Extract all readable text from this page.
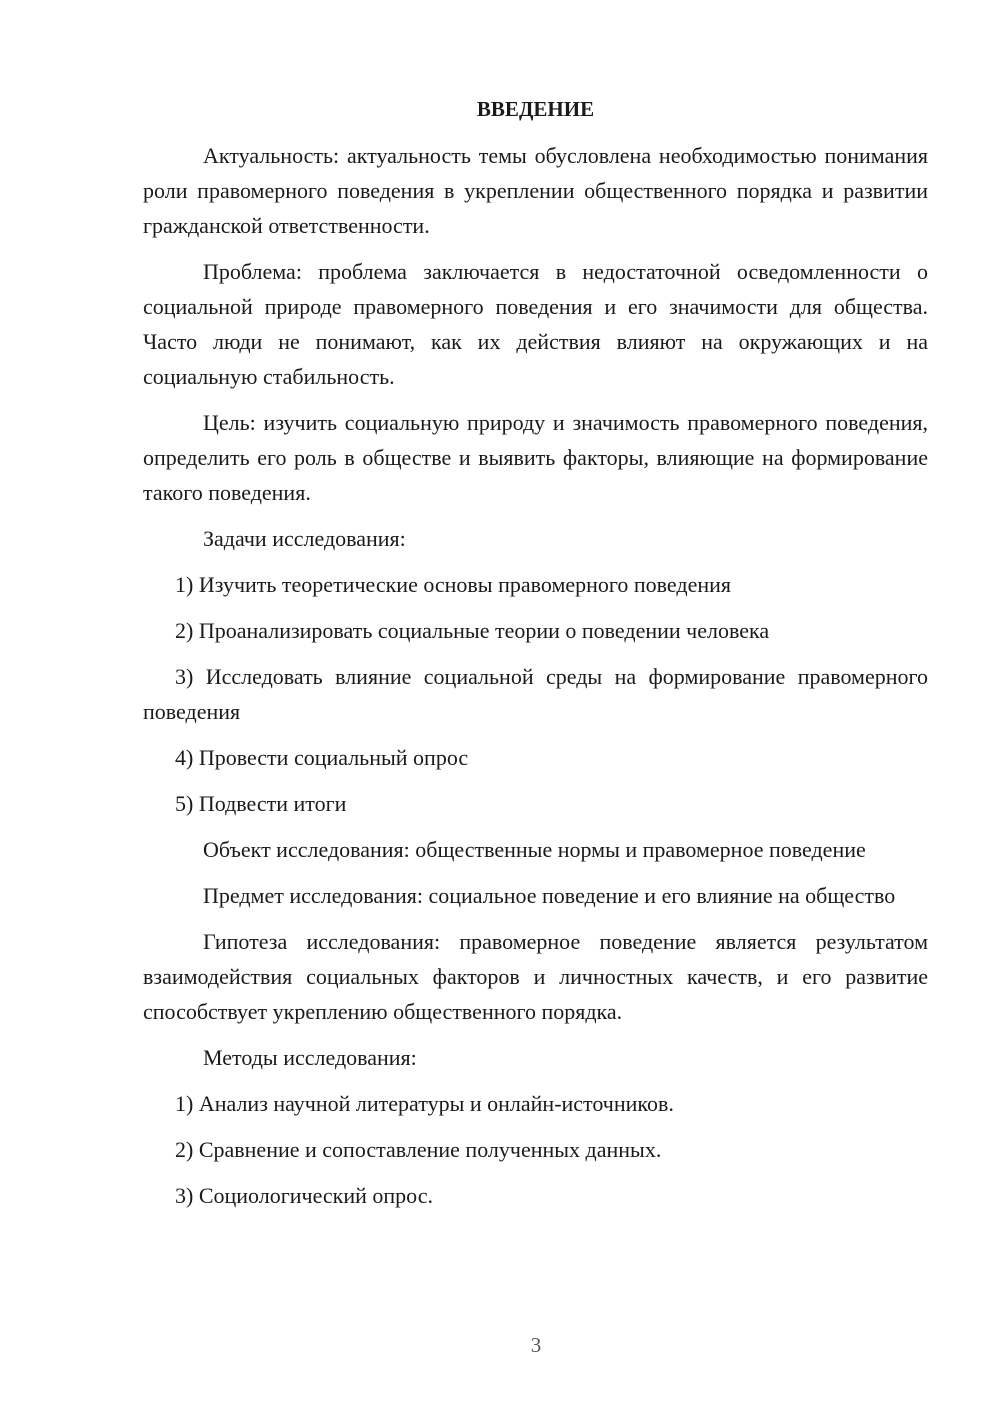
ВВЕДЕНИЕ

Актуальность: актуальность темы обусловлена необходимостью понимания роли правомерного поведения в укреплении общественного порядка и развитии гражданской ответственности.

Проблема: проблема заключается в недостаточной осведомленности о социальной природе правомерного поведения и его значимости для общества. Часто люди не понимают, как их действия влияют на окружающих и на социальную стабильность.

Цель: изучить социальную природу и значимость правомерного поведения, определить его роль в обществе и выявить факторы, влияющие на формирование такого поведения.

Задачи исследования:

1) Изучить теоретические основы правомерного поведения

2) Проанализировать социальные теории о поведении человека

3) Исследовать влияние социальной среды на формирование правомерного поведения

4) Провести социальный опрос

5) Подвести итоги

Объект исследования: общественные нормы и правомерное поведение

Предмет исследования: социальное поведение и его влияние на общество

Гипотеза исследования: правомерное поведение является результатом взаимодействия социальных факторов и личностных качеств, и его развитие способствует укреплению общественного порядка.

Методы исследования:

1) Анализ научной литературы и онлайн-источников.

2) Сравнение и сопоставление полученных данных.

3) Социологический опрос.

3
